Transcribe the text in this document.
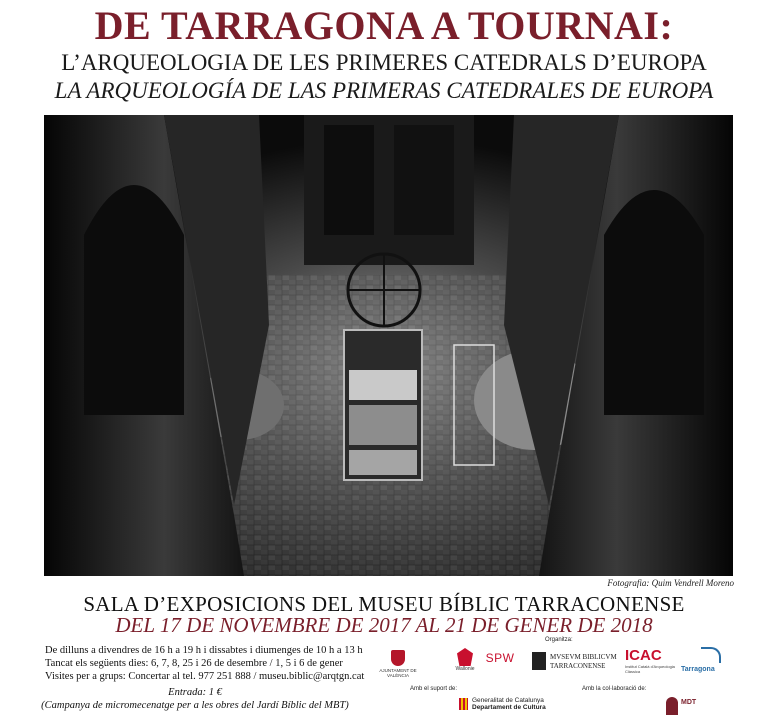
DE TARRAGONA A TOURNAI:
L’ARQUEOLOGIA DE LES PRIMERES CATEDRALS D’EUROPA
LA ARQUEOLOGÍA DE LAS PRIMERAS CATEDRALES DE EUROPA
Fotografia: Quim Vendrell Moreno
SALA D’EXPOSICIONS DEL MUSEU BÍBLIC TARRACONENSE
DEL 17 DE NOVEMBRE DE 2017 AL 21 DE GENER DE 2018
De dilluns a divendres de 16 h a 19 h i dissabtes i diumenges de 10 h a 13 h
Tancat els següents dies: 6, 7, 8, 25 i 26 de desembre / 1, 5 i 6 de gener
Visites per a grups: Concertar al tel. 977 251 888 / museu.biblic@arqtgn.cat
Entrada: 1 €
(Campanya de micromecenatge per a les obres del Jardí Bíblic del MBT)
Organitza:
AJUNTAMENT DE VALÈNCIA
Wallonie
SPW	MVSEVM BIBLICVM
TARRACONENSE
ICAC
Institut Català d'Arqueologia Clàssica	Tarragona
Amb el suport de:
Generalitat de Catalunya
Departament de Cultura
Amb la col·laboració de:
MDT
